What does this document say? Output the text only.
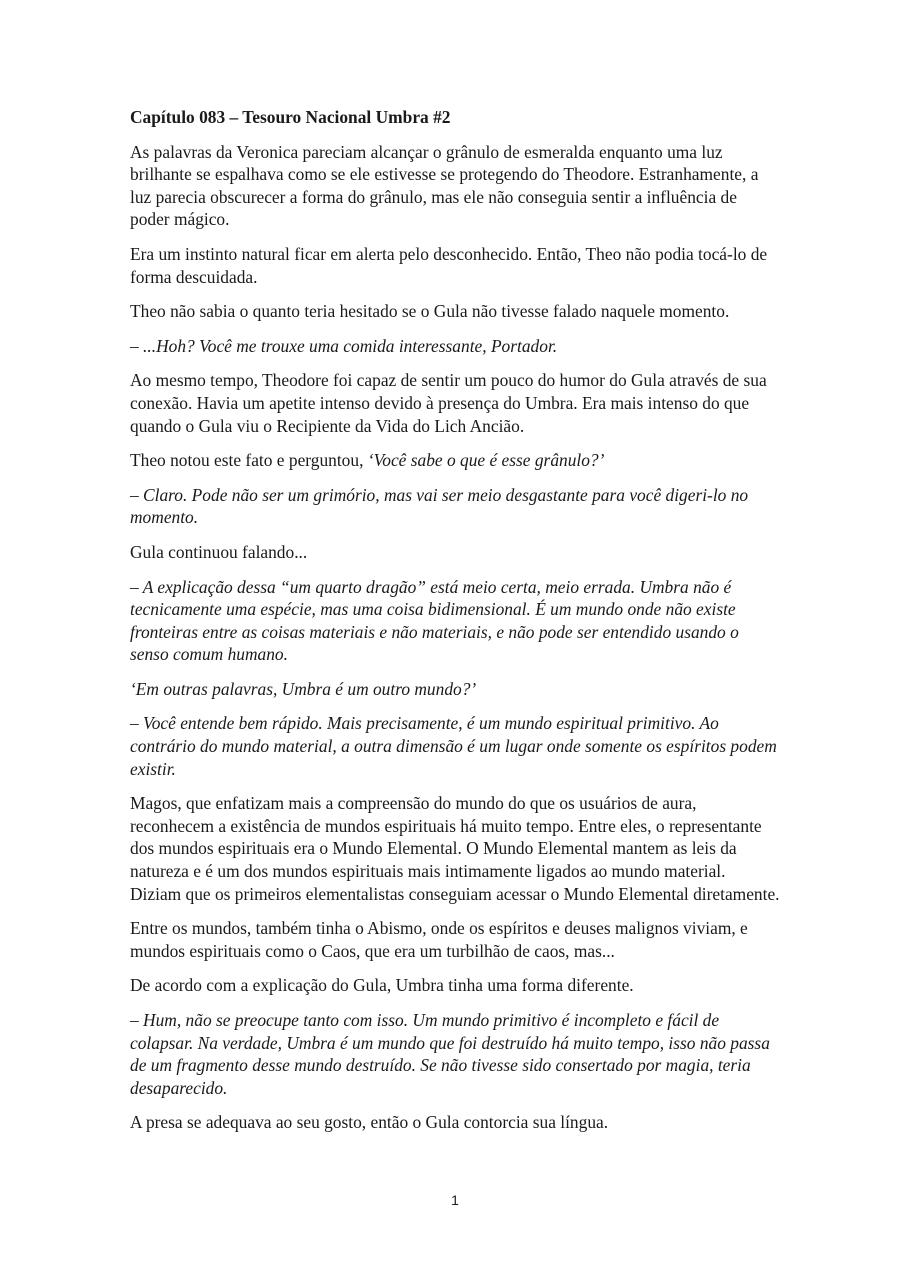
Capítulo 083 – Tesouro Nacional Umbra #2

As palavras da Veronica pareciam alcançar o grânulo de esmeralda enquanto uma luz brilhante se espalhava como se ele estivesse se protegendo do Theodore. Estranhamente, a luz parecia obscurecer a forma do grânulo, mas ele não conseguia sentir a influência de poder mágico.

Era um instinto natural ficar em alerta pelo desconhecido. Então, Theo não podia tocá-lo de forma descuidada.

Theo não sabia o quanto teria hesitado se o Gula não tivesse falado naquele momento.

– ...Hoh? Você me trouxe uma comida interessante, Portador.

Ao mesmo tempo, Theodore foi capaz de sentir um pouco do humor do Gula através de sua conexão. Havia um apetite intenso devido à presença do Umbra. Era mais intenso do que quando o Gula viu o Recipiente da Vida do Lich Ancião.

Theo notou este fato e perguntou, ‘Você sabe o que é esse grânulo?’

– Claro. Pode não ser um grimório, mas vai ser meio desgastante para você digeri-lo no momento.

Gula continuou falando...

– A explicação dessa “um quarto dragão” está meio certa, meio errada. Umbra não é tecnicamente uma espécie, mas uma coisa bidimensional. É um mundo onde não existe fronteiras entre as coisas materiais e não materiais, e não pode ser entendido usando o senso comum humano.

‘Em outras palavras, Umbra é um outro mundo?’

– Você entende bem rápido. Mais precisamente, é um mundo espiritual primitivo. Ao contrário do mundo material, a outra dimensão é um lugar onde somente os espíritos podem existir.

Magos, que enfatizam mais a compreensão do mundo do que os usuários de aura, reconhecem a existência de mundos espirituais há muito tempo. Entre eles, o representante dos mundos espirituais era o Mundo Elemental. O Mundo Elemental mantem as leis da natureza e é um dos mundos espirituais mais intimamente ligados ao mundo material. Diziam que os primeiros elementalistas conseguiam acessar o Mundo Elemental diretamente.

Entre os mundos, também tinha o Abismo, onde os espíritos e deuses malignos viviam, e mundos espirituais como o Caos, que era um turbilhão de caos, mas...

De acordo com a explicação do Gula, Umbra tinha uma forma diferente.

– Hum, não se preocupe tanto com isso. Um mundo primitivo é incompleto e fácil de colapsar. Na verdade, Umbra é um mundo que foi destruído há muito tempo, isso não passa de um fragmento desse mundo destruído. Se não tivesse sido consertado por magia, teria desaparecido.

A presa se adequava ao seu gosto, então o Gula contorcia sua língua.

1
